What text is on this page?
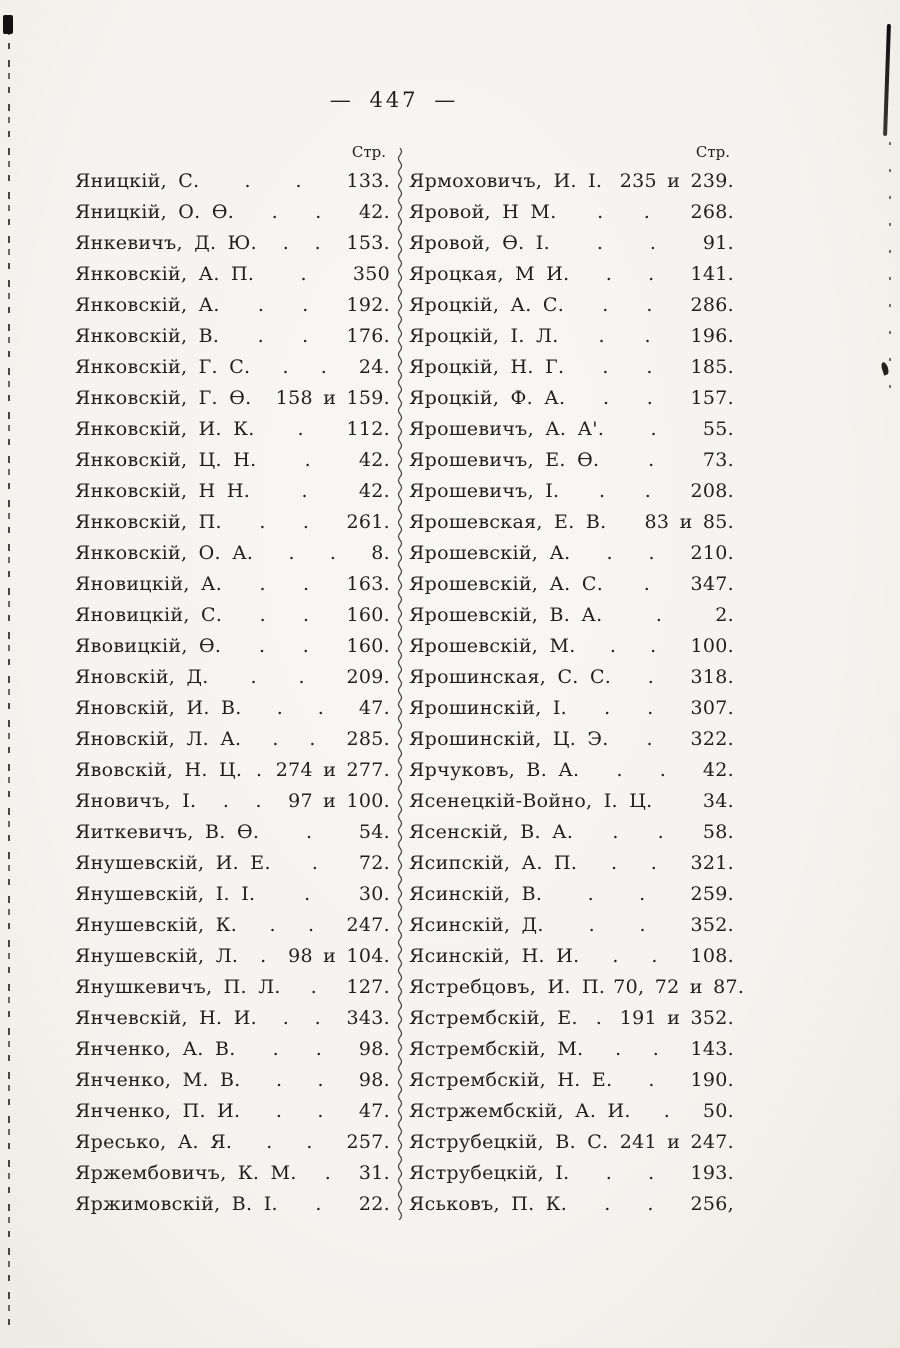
— 447 —
Стр.
Яницкій, С. . . 133.
Яницкій, О. Ѳ. . . 42.
Янкевичъ, Д. Ю. . . 153.
Янковскій, А. П. . 350
Янковскій, А. . . 192.
Янковскій, В. . . 176.
Янковскій, Г. С. . . 24.
Янковскій, Г. Ѳ. 158 и 159.
Янковскій, И. К. . 112.
Янковскій, Ц. Н.	.	42.
Янковскій, Н Н.	.	42.
Янковскій, П. . . 261.
Янковскій, О. А. . . 8.
Яновицкій, А. . . 163.
Яновицкій, С. . . 160.
Явовицкій, Ѳ. . . 160.
Яновскій, Д. . . 209.
Яновскій, И. В. . . 47.
Яновскій, Л. А. . . 285.
Явовскій, Н. Ц. . 274 и 277.
Яновичъ, І. . . 97 и 100.
Яиткевичъ, В. Ѳ. . 54.
Янушевскій, И. Е. . 72.
Янушевскій, І. І.	.	30.
Янушевскій, К. . . 247.
Янушевскій, Л. . 98 и 104.
Янушкевичъ, П. Л. . 127.
Янчевскій, Н. И. . . 343.
Янченко, А. В. . . 98.
Янченко, М. В. . . 98.
Янченко, П. И. . . 47.
Яресько, А. Я. . . 257.
Яржембовичъ, К. М. . 31.
Яржимовскій, В. І. . 22.
Стр.
Ярмоховичъ, И. І. 235 и 239.
Яровой, Н М. . . 268.
Яровой, Ѳ. І. . . 91.
Яроцкая, М И. . . 141.
Яроцкій, А. С. . . 286.
Яроцкій, І. Л. . . 196.
Яроцкій, Н. Г. . . 185.
Яроцкій, Ф. А. . . 157.
Ярошевичъ, А. А'. . 55.
Ярошевичъ, Е. Ѳ.	.	73.
Ярошевичъ, І. . . 208.
Ярошевская, Е. В. 83 и 85.
Ярошевскій, А. . . 210.
Ярошевскій, А. С. . 347.
Ярошевскій, В. А.	.	2.
Ярошевскій, М. . . 100.
Ярошинская, С. С. . 318.
Ярошинскій, І. . . 307.
Ярошинскій, Ц. Э. . 322.
Ярчуковъ, В. А. . . 42.
Ясенецкій-Войно, І. Ц.	34.
Ясенскій, В. А. . . 58.
Ясипскій, А. П. . . 321.
Ясинскій, В. . . 259.
Ясинскій, Д. . . 352.
Ясинскій, Н. И. . . 108.
Ястребцовъ, И. П. 70, 72 и 87.
Ястрембскій, Е. . 191 и 352.
Ястрембскій, М. . . 143.
Ястрембскій, Н. Е. . 190.
Ястржембскій, А. И. . 50.
Яструбецкій, В. С. 241 и 247.
Яструбецкій, І. . . 193.
Яськовъ, П. К. . . 256,
